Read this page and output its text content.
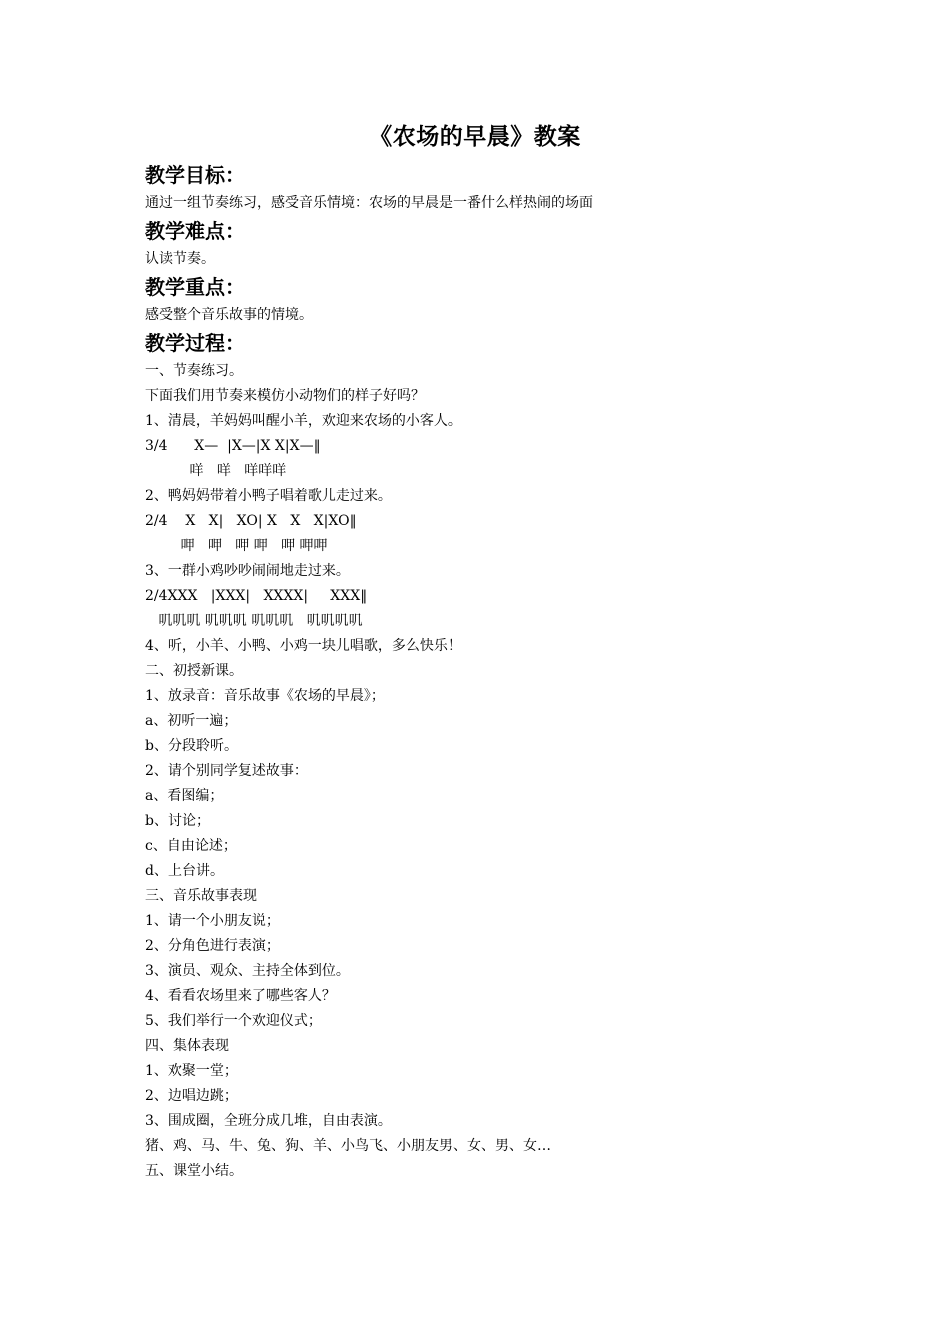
《农场的早晨》教案
教学目标：
通过一组节奏练习，感受音乐情境：农场的早晨是一番什么样热闹的场面
教学难点：
认读节奏。
教学重点：
感受整个音乐故事的情境。
教学过程：
一、节奏练习。
下面我们用节奏来模仿小动物们的样子好吗？
1、清晨，羊妈妈叫醒小羊，欢迎来农场的小客人。
3/4      X—  |X—|X X|X—‖
咩   咩   咩咩咩
2、鸭妈妈带着小鸭子唱着歌儿走过来。
2/4    X   X|   XO| X   X   X|XO‖
呷   呷   呷 呷   呷 呷呷
3、一群小鸡吵吵闹闹地走过来。
2/4XXX   |XXX|   XXXX|     XXX‖
叽叽叽 叽叽叽 叽叽叽   叽叽叽叽
4、听，小羊、小鸭、小鸡一块儿唱歌，多么快乐！
二、初授新课。
1、放录音：音乐故事《农场的早晨》；
a、初听一遍；
b、分段聆听。
2、请个别同学复述故事：
a、看图编；
b、讨论；
c、自由论述；
d、上台讲。
三、音乐故事表现
1、请一个小朋友说；
2、分角色进行表演；
3、演员、观众、主持全体到位。
4、看看农场里来了哪些客人？
5、我们举行一个欢迎仪式；
四、集体表现
1、欢聚一堂；
2、边唱边跳；
3、围成圈，全班分成几堆，自由表演。
猪、鸡、马、牛、兔、狗、羊、小鸟飞、小朋友男、女、男、女…
五、课堂小结。
